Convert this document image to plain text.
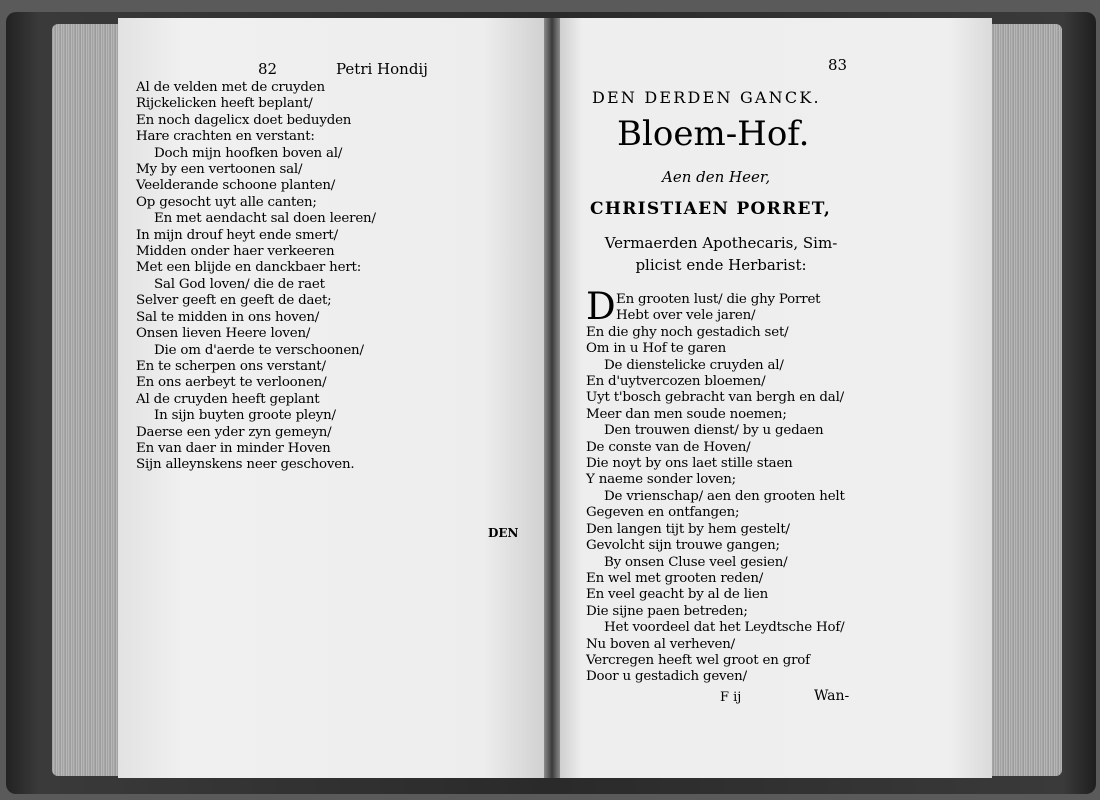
82	Petri Hondij

Al de velden met de cruyden

Rijckelicken heeft beplant/

En noch dagelicx doet beduyden

Hare crachten en verstant:

Doch mijn hoofken boven al/

My by een vertoonen sal/

Veelderande schoone planten/

Op gesocht uyt alle canten;

En met aendacht sal doen leeren/

In mijn drouf heyt ende smert/

Midden onder haer verkeeren

Met een blijde en danckbaer hert:

Sal God loven/ die de raet

Selver geeft en geeft de daet;

Sal te midden in ons hoven/

Onsen lieven Heere loven/

Die om d'aerde te verschoonen/

En te scherpen ons verstant/

En ons aerbeyt te verloonen/

Al de cruyden heeft geplant

In sijn buyten groote pleyn/

Daerse een yder zyn gemeyn/

En van daer in minder Hoven

Sijn alleynskens neer geschoven.

DEN
83
DEN DERDEN GANCK.
Bloem-Hof.
Aen den Heer,
CHRISTIAEN PORRET,
Vermaerden Apothecaris, Sim-
plicist ende Herbarist:
D En grooten lust/ die ghy Porret

Hebt over vele jaren/

En die ghy noch gestadich set/

Om in u Hof te garen

De dienstelicke cruyden al/

En d'uytvercozen bloemen/

Uyt t'bosch gebracht van bergh en dal/

Meer dan men soude noemen;

Den trouwen dienst/ by u gedaen

De conste van de Hoven/

Die noyt by ons laet stille staen

Y naeme sonder loven;

De vrienschap/ aen den grooten helt

Gegeven en ontfangen;

Den langen tijt by hem gestelt/

Gevolcht sijn trouwe gangen;

By onsen Cluse veel gesien/

En wel met grooten reden/

En veel geacht by al de lien

Die sijne paen betreden;

Het voordeel dat het Leydtsche Hof/

Nu boven al verheven/

Vercregen heeft wel groot en grof

Door u gestadich geven/

F ij	Wan-
